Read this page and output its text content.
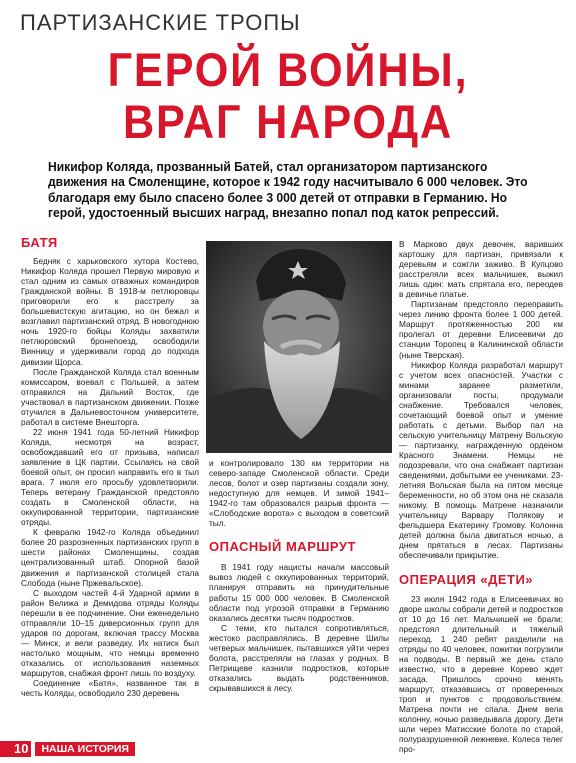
ПАРТИЗАНСКИЕ ТРОПЫ
ГЕРОЙ ВОЙНЫ,
ВРАГ НАРОДА
Никифор Коляда, прозванный Батей, стал организатором партизанского движения на Смоленщине, которое к 1942 году насчитывало 6 000 человек. Это благодаря ему было спасено более 3 000 детей от отправки в Германию. Но герой, удостоенный высших наград, внезапно попал под каток репрессий.
БАТЯ

Бедняк с харьковского хутора Костево, Никифор Коляда прошел Первую мировую и стал одним из самых отважных командиров Гражданской войны. В 1918-м петлюровцы приговорили его к расстрелу за большевистскую агитацию, но он бежал и возглавил партизанский отряд. В новогоднюю ночь 1920-го бойцы Коляды захватили петлюровский бронепоезд, освободили Винницу и удерживали город до подхода дивизии Щорса.

После Гражданской Коляда стал военным комиссаром, воевал с Польшей, а затем отправился на Дальний Восток, где участвовал в партизанском движении. Позже отучился в Дальневосточном университете, работал в системе Внешторга.

22 июня 1941 года 50-летний Никифор Коляда, несмотря на возраст, освобождавший его от призыва, написал заявление в ЦК партии. Ссылаясь на свой боевой опыт, он просил направить его в тыл врага. 7 июля его просьбу удовлетворили. Теперь ветерану Гражданской предстояло создать в Смоленской области, на оккупированной территории, партизанские отряды.

К февралю 1942-го Коляда объединил более 20 разрозненных партизанских групп в шести районах Смоленщины, создав централизованный штаб. Опорной базой движения и партизанской столицей стала Слобода (ныне Пржевальское).

С выходом частей 4-й Ударной армии в район Велижа и Демидова отряды Коляды перешли в ее подчинение. Они еженедельно отправляли 10–15 диверсионных групп для ударов по дорогам, включая трассу Москва — Минск, и вели разведку. Их натиск был настолько мощным, что немцы временно отказались от использования наземных маршрутов, снабжая фронт лишь по воздуху.

Соединение «Батя», названное так в честь Коляды, освободило 230 деревень

и контролировало 130 км территории на северо-западе Смоленской области. Среди лесов, болот и озер партизаны создали зону, недоступную для немцев. И зимой 1941–1942-го там образовался разрыв фронта — «Слободские ворота» с выходом в советский тыл.

ОПАСНЫЙ МАРШРУТ

В 1941 году нацисты начали массовый вывоз людей с оккупированных территорий, планируя отправить на принудительные работы 15 000 000 человек. В Смоленской области под угрозой отправки в Германию оказались десятки тысяч подростков.

С теми, кто пытался сопротивляться, жестоко расправлялись. В деревне Шилы четверых мальчишек, пытавшихся уйти через болота, расстреляли на глазах у родных. В Петрищеве казнили подростков, которые отказались выдать родственников, скрывавшихся в лесу.

В Марково двух девочек, варивших картошку для партизан, привязали к деревьям и сожгли заживо. В Купцово расстреляли всех мальчишек, выжил лишь один: мать спрятала его, переодев в девичье платье.

Партизанам предстояло переправить через линию фронта более 1 000 детей. Маршрут протяженностью 200 км пролегал от деревни Елисеевичи до станции Торопец в Калининской области (ныне Тверская).

Никифор Коляда разработал маршрут с учетом всех опасностей. Участки с минами заранее разметили, организовали посты, продумали снабжение. Требовался человек, сочетающий боевой опыт и умение работать с детьми. Выбор пал на сельскую учительницу Матрену Вольскую — партизанку, награжденную орденом Красного Знамени. Немцы не подозревали, что она снабжает партизан сведениями, добытыми ее учениками. 23-летняя Вольская была на пятом месяце беременности, но об этом она не сказала никому. В помощь Матрене назначили учительницу Варвару Полякову и фельдшера Екатерину Громову. Колонна детей должна была двигаться ночью, а днем прятаться в лесах. Партизаны обеспечивали прикрытие.

ОПЕРАЦИЯ «ДЕТИ»

23 июля 1942 года в Елисеевичах во дворе школы собрали детей и подростков от 10 до 16 лет. Мальчишей не брали: предстоял длительный и тяжелый переход. 1 240 ребят разделили на отряды по 40 человек, пожитки погрузили на подводы. В первый же день стало известно, что в деревне Корево ждет засада. Пришлось срочно менять маршрут, отказавшись от проверенных троп и пунктов с продовольствием. Матрена почти не спала. Днем вела колонну, ночью разведывала дорогу. Дети шли через Матисские болота по старой, полуразрушенной лежневке. Колеса телег про-

10	НАША ИСТОРИЯ
